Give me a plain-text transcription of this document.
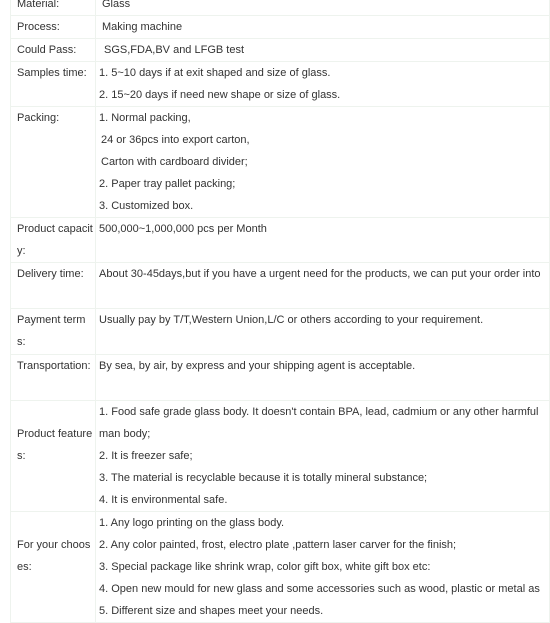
Material:	Glass

Process:	Making machine

Could Pass:	SGS,FDA,BV and LFGB test

Samples time:	1. 5~10 days if at exit shaped and size of glass.
2. 15~20 days if need new shape or size of glass.

Packing:	1. Normal packing,
24 or 36pcs into export carton,
Carton with cardboard divider;
2. Paper tray pallet packing;
3. Customized box.

Product capacity:	500,000~1,000,000 pcs per Month

Delivery time:	About 30-45days,but if you have a urgent need for the products, we can put your order into

Payment terms:	Usually pay by T/T,Western Union,L/C or others according to your requirement.

Transportation:	By sea, by air, by express and your shipping agent is acceptable.

Product features:	1. Food safe grade glass body. It doesn't contain BPA, lead, cadmium or any other harmful
man body;
2. It is freezer safe;
3. The material is recyclable because it is totally mineral substance;
4. It is environmental safe.

For your chooses:	1. Any logo printing on the glass body.
2. Any color painted, frost, electro plate ,pattern laser carver for the finish;
3. Special package like shrink wrap, color gift box, white gift box etc:
4. Open new mould for new glass and some accessories such as wood, plastic or metal as
5. Different size and shapes meet your needs.
